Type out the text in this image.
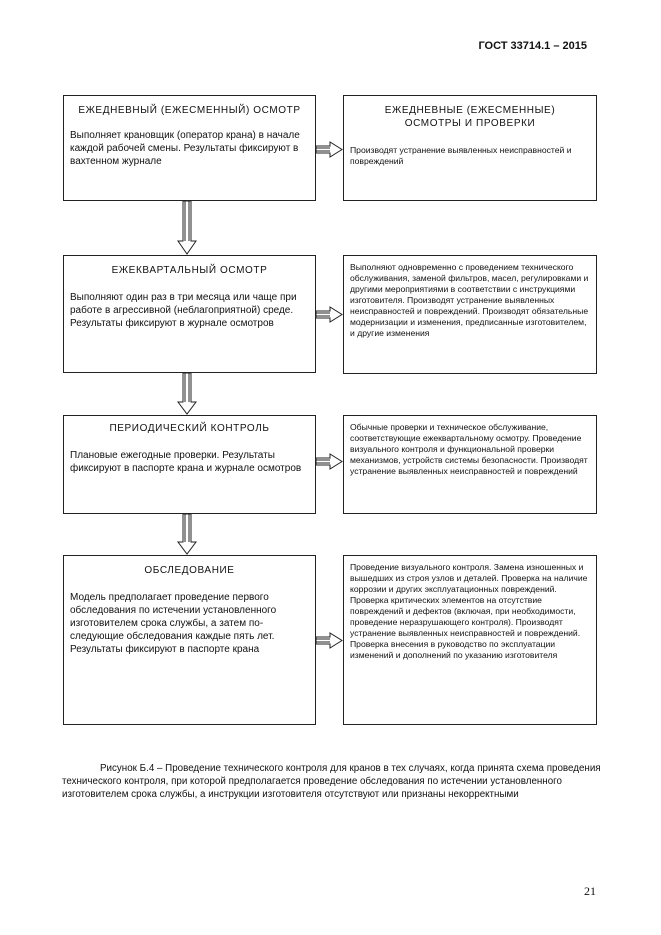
ГОСТ 33714.1 – 2015
ЕЖЕДНЕВНЫЙ (ЕЖЕСМЕННЫЙ) ОСМОТР
Выполняет крановщик (оператор крана) в начале каждой рабочей смены. Результаты фиксируют в вахтенном журнале
ЕЖЕДНЕВНЫЕ (ЕЖЕСМЕННЫЕ) ОСМОТРЫ И ПРОВЕРКИ
Производят устранение выявленных неисправностей и повреждений
ЕЖЕКВАРТАЛЬНЫЙ ОСМОТР
Выполняют один раз в три месяца или чаще при работе в агрессивной (неблагоприятной) среде. Результаты фиксируют в журнале осмотров
Выполняют одновременно с проведением технического обслуживания, заменой фильтров, масел, регулировками и другими мероприятиями в соответствии с инструкциями изготовителя. Производят устранение выявленных неисправностей и повреждений. Производят обязательные модернизации и изменения, предписанные изготовителем, и другие изменения
ПЕРИОДИЧЕСКИЙ КОНТРОЛЬ
Плановые ежегодные проверки. Результаты фиксируют в паспорте крана и журнале осмотров
Обычные проверки и техническое обслуживание, соответствующие ежеквартальному осмотру. Проведение визуального контроля и функциональной проверки механизмов, устройств системы безопасности. Производят устранение выявленных неисправностей и повреждений
ОБСЛЕДОВАНИЕ
Модель предполагает проведение первого обследования по истечении установленного изготовителем срока службы, а затем последующие обследования каждые пять лет. Результаты фиксируют в паспорте крана
Проведение визуального контроля. Замена изношенных и вышедших из строя узлов и деталей. Проверка на наличие коррозии и других эксплуатационных повреждений. Проверка критических элементов на отсутствие повреждений и дефектов (включая, при необходимости, проведение неразрушающего контроля). Производят устранение выявленных неисправностей и повреждений. Проверка внесения в руководство по эксплуатации изменений и дополнений по указанию изготовителя
Рисунок Б.4 – Проведение технического контроля для кранов в тех случаях, когда принята схема проведения технического контроля, при которой предполагается проведение обследования по истечении установленного изготовителем срока службы, а инструкции изготовителя отсутствуют или признаны некорректными
21
